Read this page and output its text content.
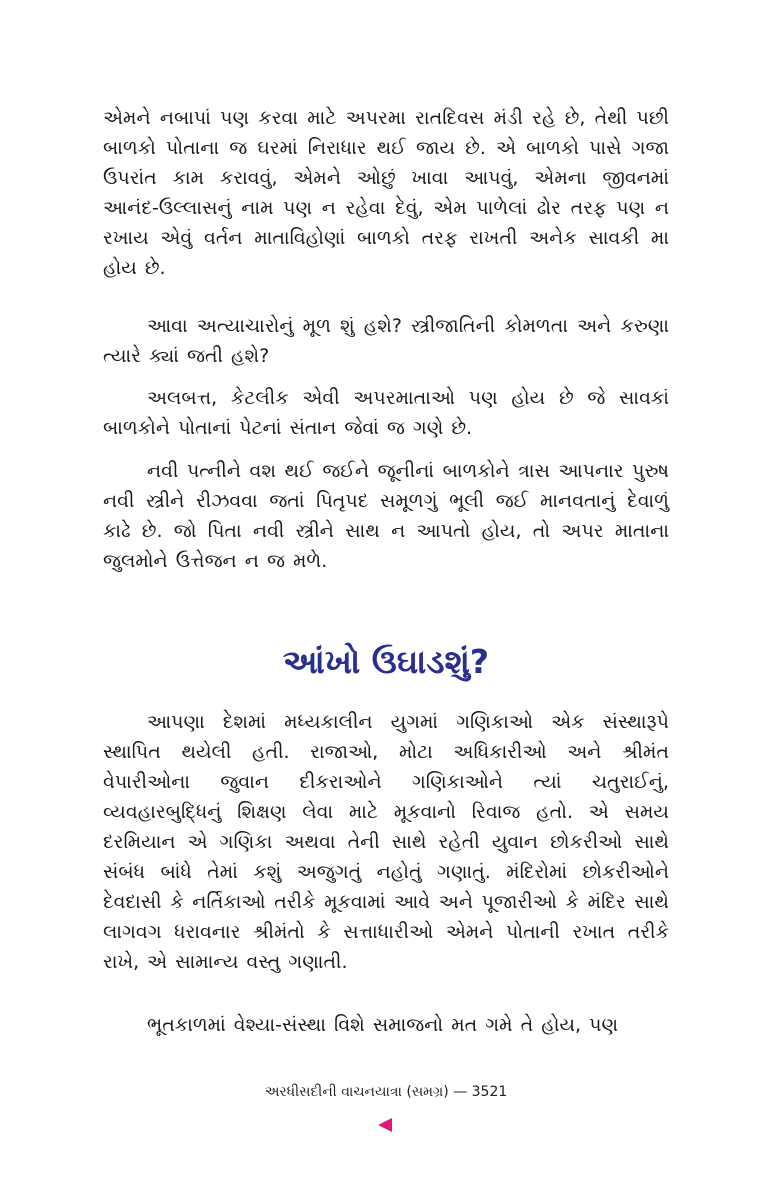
એમને નબાપાં પણ કરવા માટે અપરમા રાતદિવસ મંડી રહે છે, તેથી પછી બાળકો પોતાના જ ઘરમાં નિરાધાર થઈ જાય છે. એ બાળકો પાસે ગજા ઉપરાંત કામ કરાવવું, એમને ઓછું ખાવા આપવું, એમના જીવનમાં આનંદ-ઉલ્લાસનું નામ પણ ન રહેવા દેવું, એમ પાળેલાં ઢોર તરફ પણ ન રખાય એવું વર્તન માતાવિહોણાં બાળકો તરફ રાખતી અનેક સાવકી મા હોય છે.

આવા અત્યાચારોનું મૂળ શું હશે? સ્ત્રીજાતિની કોમળતા અને કરુણા ત્યારે ક્યાં જતી હશે?

અલબત્ત, કેટલીક એવી અપરમાતાઓ પણ હોય છે જે સાવકાં બાળકોને પોતાનાં પેટનાં સંતાન જેવાં જ ગણે છે.

નવી પત્નીને વશ થઈ જઈને જૂનીનાં બાળકોને ત્રાસ આપનાર પુરુષ નવી સ્ત્રીને રીઝવવા જતાં પિતૃપદ સમૂળગું ભૂલી જઈ માનવતાનું દેવાળું કાઢે છે. જો પિતા નવી સ્ત્રીને સાથ ન આપતો હોય, તો અપર માતાના જુલમોને ઉત્તેજન ન જ મળે.

આંખો ઉઘાડશું?

આપણા દેશમાં મધ્યકાલીન યુગમાં ગણિકાઓ એક સંસ્થારૂપે સ્થાપિત થયેલી હતી. રાજાઓ, મોટા અધિકારીઓ અને શ્રીમંત વેપારીઓના જુવાન દીકરાઓને ગણિકાઓને ત્યાં ચતુરાઈનું, વ્યવહારબુદ્ધિનું શિક્ષણ લેવા માટે મૂકવાનો રિવાજ હતો. એ સમય દરમિયાન એ ગણિકા અથવા તેની સાથે રહેતી યુવાન છોકરીઓ સાથે સંબંધ બાંધે તેમાં કશું અજુગતું નહોતું ગણાતું. મંદિરોમાં છોકરીઓને દેવદાસી કે નર્તિકાઓ તરીકે મૂકવામાં આવે અને પૂજારીઓ કે મંદિર સાથે લાગવગ ધરાવનાર શ્રીમંતો કે સત્તાધારીઓ એમને પોતાની રખાત તરીકે રાખે, એ સામાન્ય વસ્તુ ગણાતી.

ભૂતકાળમાં વેશ્યા-સંસ્થા વિશે સમાજનો મત ગમે તે હોય, પણ

અરધીસદીની વાચનયાત્રા (સમગ્ર) — 3521
